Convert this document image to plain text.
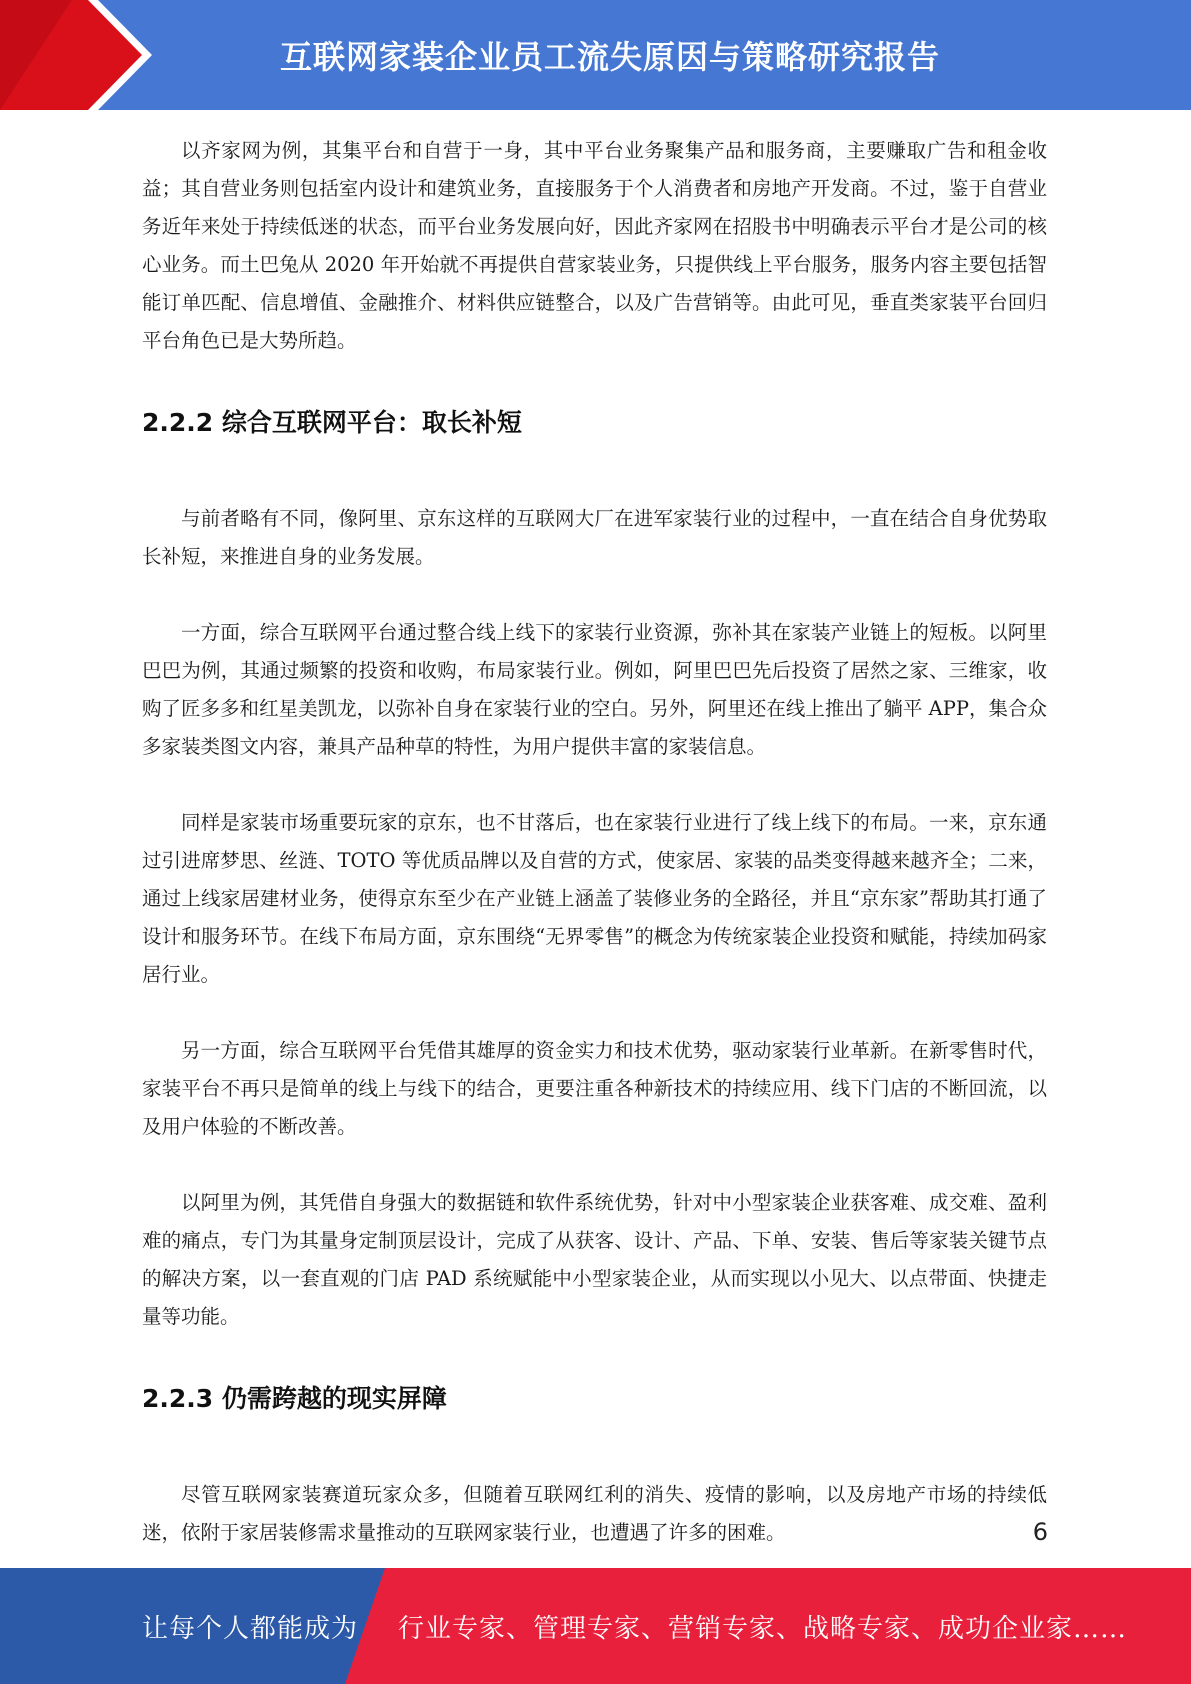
互联网家装企业员工流失原因与策略研究报告

以齐家网为例，其集平台和自营于一身，其中平台业务聚集产品和服务商，主要赚取广告和租金收益；其自营业务则包括室内设计和建筑业务，直接服务于个人消费者和房地产开发商。不过，鉴于自营业务近年来处于持续低迷的状态，而平台业务发展向好，因此齐家网在招股书中明确表示平台才是公司的核心业务。而土巴兔从 2020 年开始就不再提供自营家装业务，只提供线上平台服务，服务内容主要包括智能订单匹配、信息增值、金融推介、材料供应链整合，以及广告营销等。由此可见，垂直类家装平台回归平台角色已是大势所趋。

2.2.2 综合互联网平台：取长补短

与前者略有不同，像阿里、京东这样的互联网大厂在进军家装行业的过程中，一直在结合自身优势取长补短，来推进自身的业务发展。

一方面，综合互联网平台通过整合线上线下的家装行业资源，弥补其在家装产业链上的短板。以阿里巴巴为例，其通过频繁的投资和收购，布局家装行业。例如，阿里巴巴先后投资了居然之家、三维家，收购了匠多多和红星美凯龙，以弥补自身在家装行业的空白。另外，阿里还在线上推出了躺平 APP，集合众多家装类图文内容，兼具产品种草的特性，为用户提供丰富的家装信息。

同样是家装市场重要玩家的京东，也不甘落后，也在家装行业进行了线上线下的布局。一来，京东通过引进席梦思、丝涟、TOTO 等优质品牌以及自营的方式，使家居、家装的品类变得越来越齐全；二来，通过上线家居建材业务，使得京东至少在产业链上涵盖了装修业务的全路径，并且“京东家”帮助其打通了设计和服务环节。在线下布局方面，京东围绕“无界零售”的概念为传统家装企业投资和赋能，持续加码家居行业。

另一方面，综合互联网平台凭借其雄厚的资金实力和技术优势，驱动家装行业革新。在新零售时代，家装平台不再只是简单的线上与线下的结合，更要注重各种新技术的持续应用、线下门店的不断回流，以及用户体验的不断改善。

以阿里为例，其凭借自身强大的数据链和软件系统优势，针对中小型家装企业获客难、成交难、盈利难的痛点，专门为其量身定制顶层设计，完成了从获客、设计、产品、下单、安装、售后等家装关键节点的解决方案，以一套直观的门店 PAD 系统赋能中小型家装企业，从而实现以小见大、以点带面、快捷走量等功能。

2.2.3 仍需跨越的现实屏障

尽管互联网家装赛道玩家众多，但随着互联网红利的消失、疫情的影响，以及房地产市场的持续低迷，依附于家居装修需求量推动的互联网家装行业，也遭遇了许多的困难。	6
让每个人都能成为 行业专家、管理专家、营销专家、战略专家、成功企业家……
